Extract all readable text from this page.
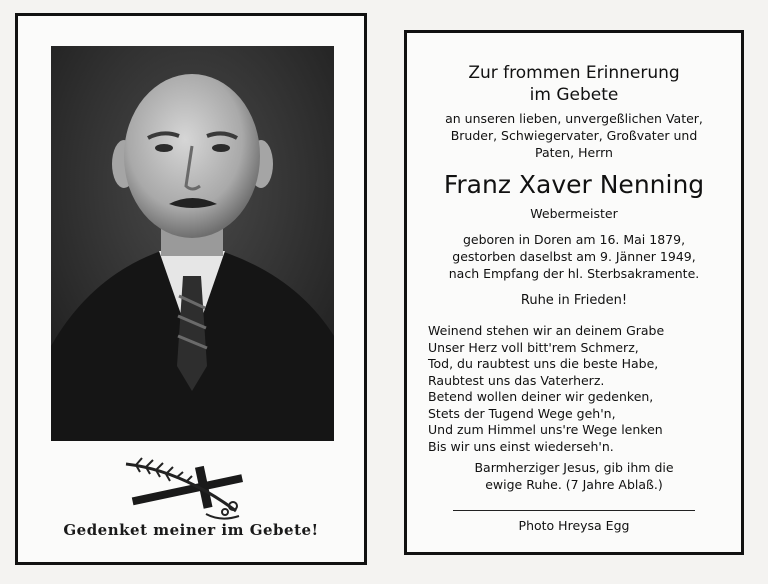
Gedenket meiner im Gebete!
Zur frommen Erinnerung
im Gebete
an unseren lieben, unvergeßlichen Vater,
Bruder, Schwiegervater, Großvater und
Paten, Herrn
Franz Xaver Nenning
Webermeister
geboren in Doren am 16. Mai 1879,
gestorben daselbst am 9. Jänner 1949,
nach Empfang der hl. Sterbsakramente.
Ruhe in Frieden!
Weinend stehen wir an deinem Grabe
Unser Herz voll bitt'rem Schmerz,
Tod, du raubtest uns die beste Habe,
Raubtest uns das Vaterherz.
Betend wollen deiner wir gedenken,
Stets der Tugend Wege geh'n,
Und zum Himmel uns're Wege lenken
Bis wir uns einst wiederseh'n.
Barmherziger Jesus, gib ihm die
ewige Ruhe. (7 Jahre Ablaß.)
Photo Hreysa Egg
